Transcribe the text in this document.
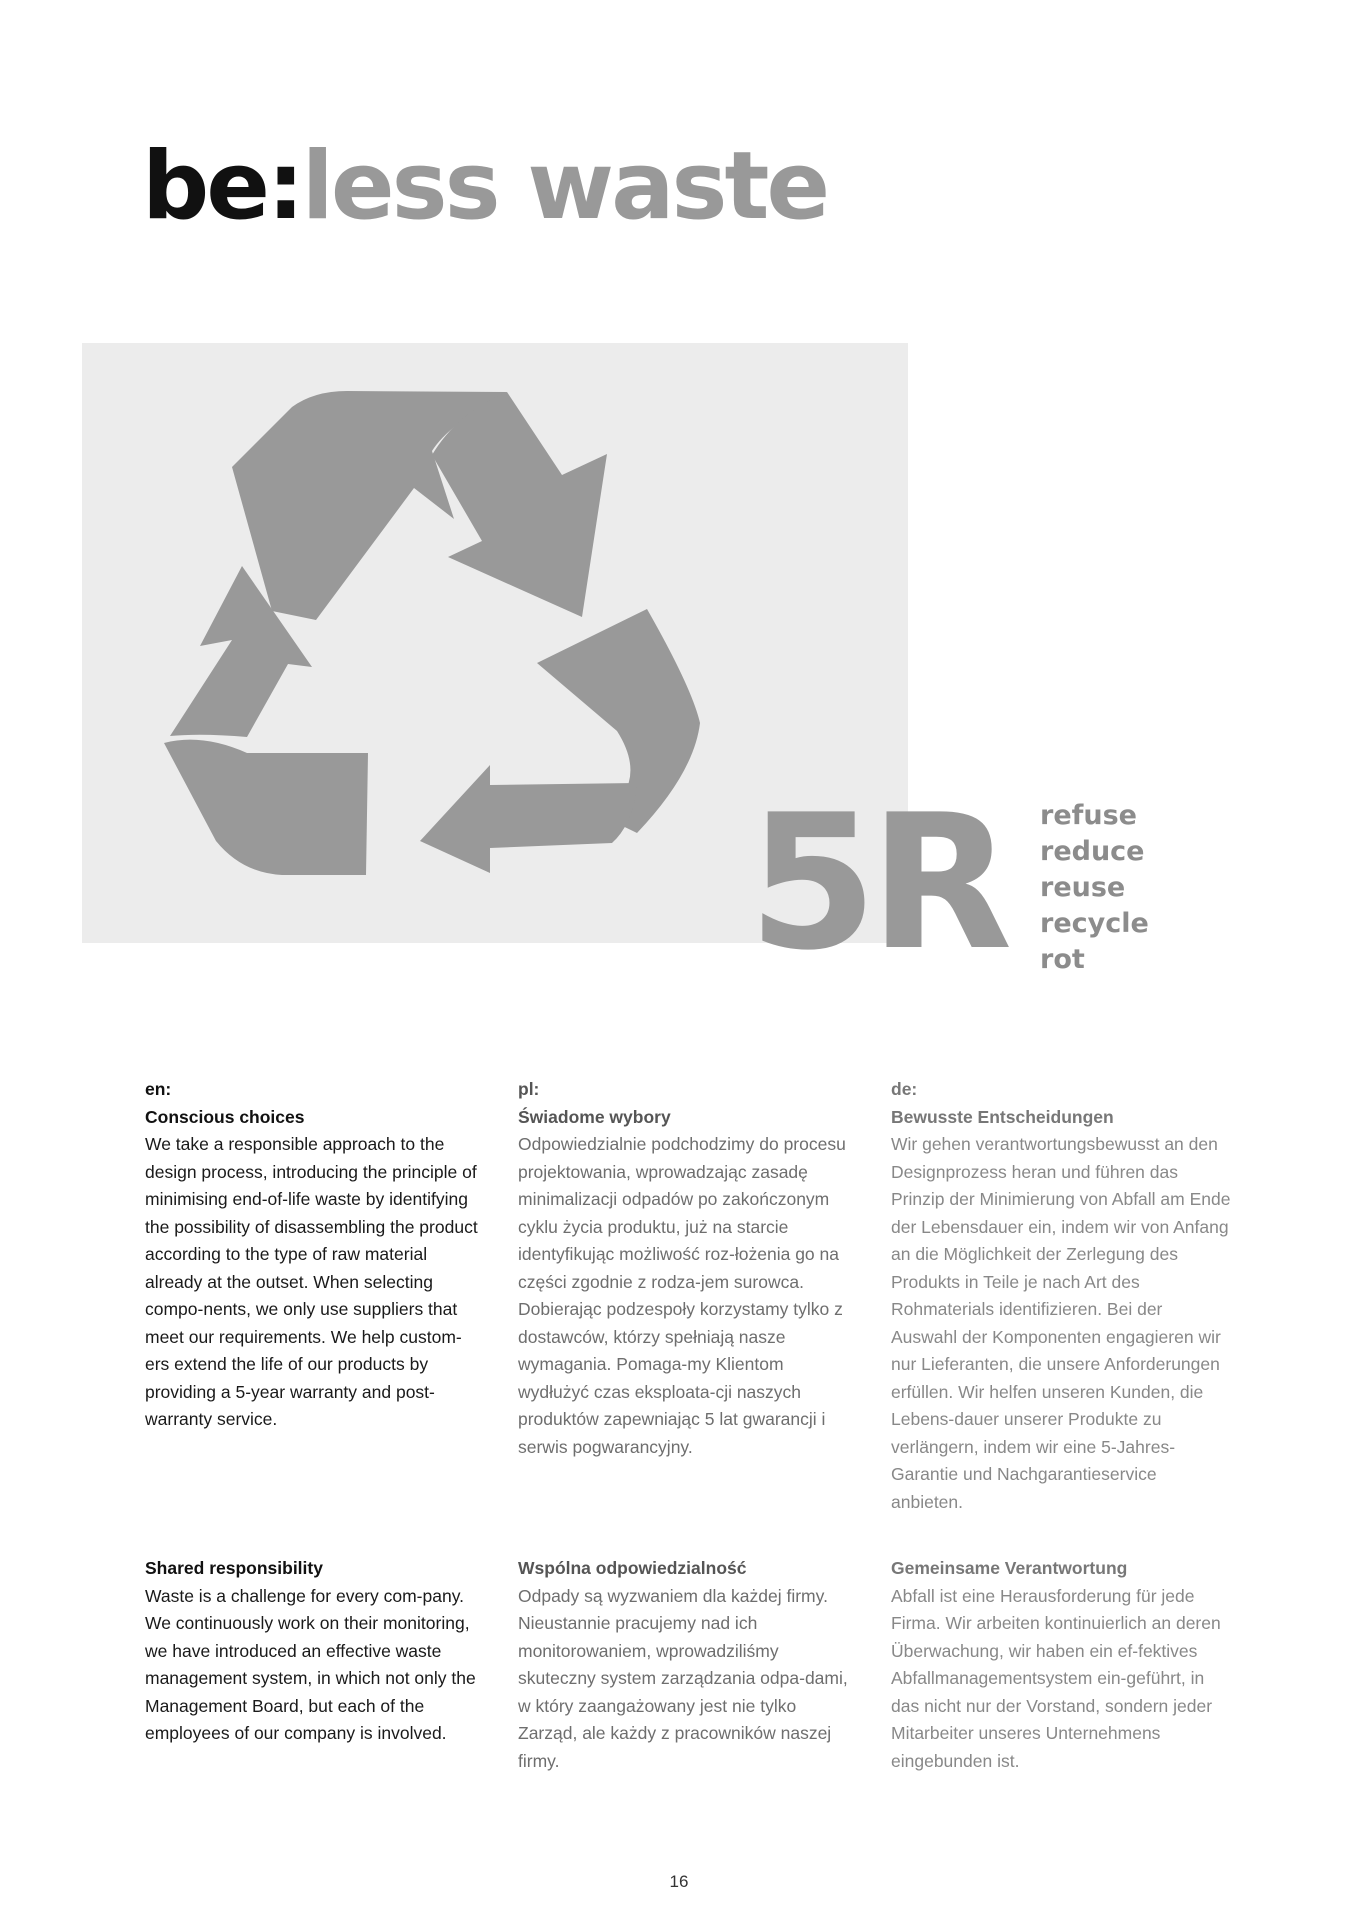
be:less waste
5R refuse
reduce
reuse
recycle
rot

en:

Conscious choices

We take a responsible approach to the design process, introducing the principle of minimising end-of-life waste by identifying the possibility of disassembling the product according to the type of raw material already at the outset. When selecting compo-nents, we only use suppliers that meet our requirements. We help custom-ers extend the life of our products by providing a 5-year warranty and post-warranty service.

Shared responsibility

Waste is a challenge for every com-pany. We continuously work on their monitoring, we have introduced an effective waste management system, in which not only the Management Board, but each of the employees of our company is involved.

pl:

Świadome wybory

Odpowiedzialnie podchodzimy do procesu projektowania, wprowadzając zasadę minimalizacji odpadów po zakończonym cyklu życia produktu, już na starcie identyfikując możliwość roz-łożenia go na części zgodnie z rodza-jem surowca. Dobierając podzespoły korzystamy tylko z dostawców, którzy spełniają nasze wymagania. Pomaga-my Klientom wydłużyć czas eksploata-cji naszych produktów zapewniając 5 lat gwarancji i serwis pogwarancyjny.

Wspólna odpowiedzialność

Odpady są wyzwaniem dla każdej firmy. Nieustannie pracujemy nad ich monitorowaniem, wprowadziliśmy skuteczny system zarządzania odpa-dami, w który zaangażowany jest nie tylko Zarząd, ale każdy z pracowników naszej firmy.

de:

Bewusste Entscheidungen

Wir gehen verantwortungsbewusst an den Designprozess heran und führen das Prinzip der Minimierung von Abfall am Ende der Lebensdauer ein, indem wir von Anfang an die Möglichkeit der Zerlegung des Produkts in Teile je nach Art des Rohmaterials identifizieren. Bei der Auswahl der Komponenten engagieren wir nur Lieferanten, die unsere Anforderungen erfüllen. Wir helfen unseren Kunden, die Lebens-dauer unserer Produkte zu verlängern, indem wir eine 5-Jahres-Garantie und Nachgarantieservice anbieten.

Gemeinsame Verantwortung

Abfall ist eine Herausforderung für jede Firma. Wir arbeiten kontinuierlich an deren Überwachung, wir haben ein ef-fektives Abfallmanagementsystem ein-geführt, in das nicht nur der Vorstand, sondern jeder Mitarbeiter unseres Unternehmens eingebunden ist.

16
